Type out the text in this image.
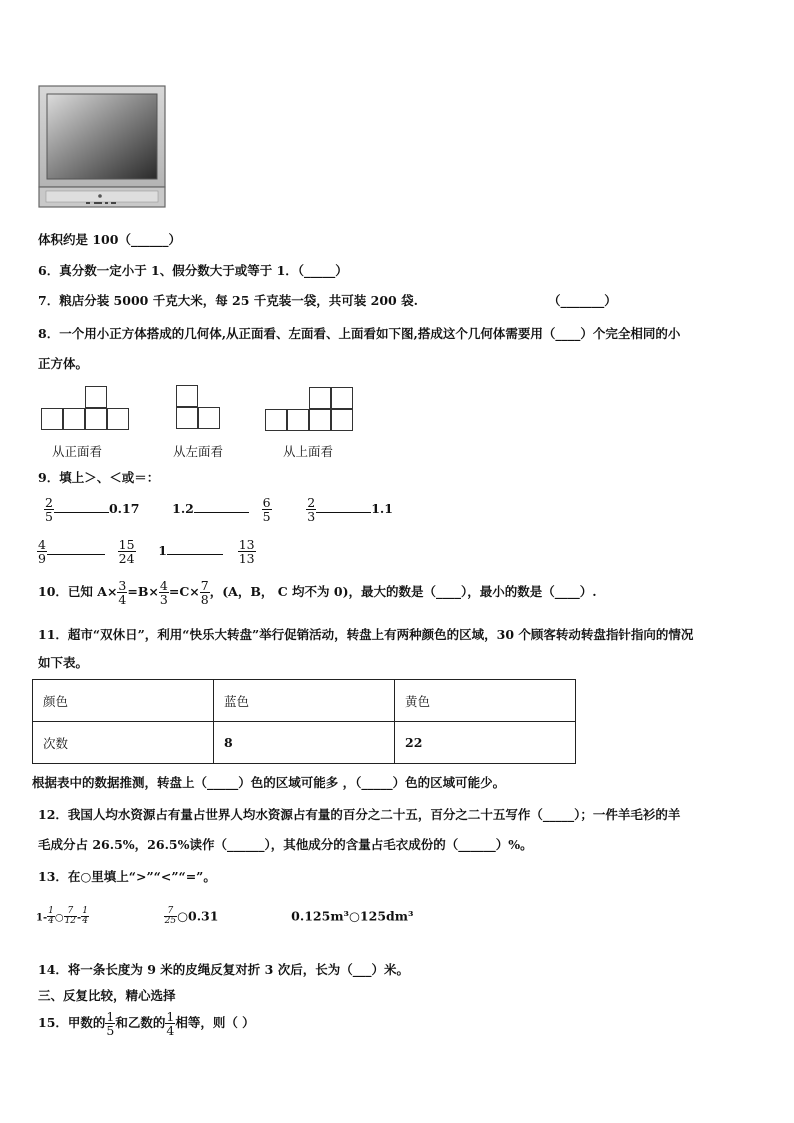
体积约是 100（______）
6．真分数一定小于 1、假分数大于或等于 1．（_____）
7．粮店分装 5000 千克大米，每 25 千克装一袋，共可装 200 袋.	（_______）
8．一个用小正方体搭成的几何体,从正面看、左面看、上面看如下图,搭成这个几何体需要用（____）个完全相同的小
正方体。
从正面看	从左面看	从上面看
9．填上＞、＜或＝：
$\frac{2}{5}$	0.17	1.2	$\frac{6}{5}$
	$\frac{2}{3}$	1.1
$\frac{4}{9}$
	$\frac{15}{24} 1$	$\frac{13}{13}$
10．已知 $A\times \frac{3}{4} =B\times \frac{4}{3} =C\times \frac{7}{8}$ ，(A，B， C 均不为 0)，最大的数是（____），最小的数是（____）.
11．超市“双休日”，利用“快乐大转盘”举行促销活动，转盘上有两种颜色的区域，30 个顾客转动转盘指针指向的情况
如下表。
颜色	蓝色	黄色
次数	8	22
根据表中的数据推测，转盘上（_____）色的区域可能多 ，（_____）色的区域可能少。
12．我国人均水资源占有量占世界人均水资源占有量的百分之二十五，百分之二十五写作（_____）；一件羊毛衫的羊
毛成分占 26.5%，26.5%读作（______），其他成分的含量占毛衣成份的（______）%。
13．在○里填上“>”“<”“=”。
$1- \frac{1}{4}$ ○ $\frac{7}{12} - \frac{1}{4}$
	$\frac{7}{25}$ ○0.31	0.125m³○125dm³
14．将一条长度为 9 米的皮绳反复对折 3 次后，长为（___）米。
三、反复比较，精心选择
15．甲数的 $\frac{1}{5}$ 和乙数的 $\frac{1}{4}$ 相等，则（ ）
